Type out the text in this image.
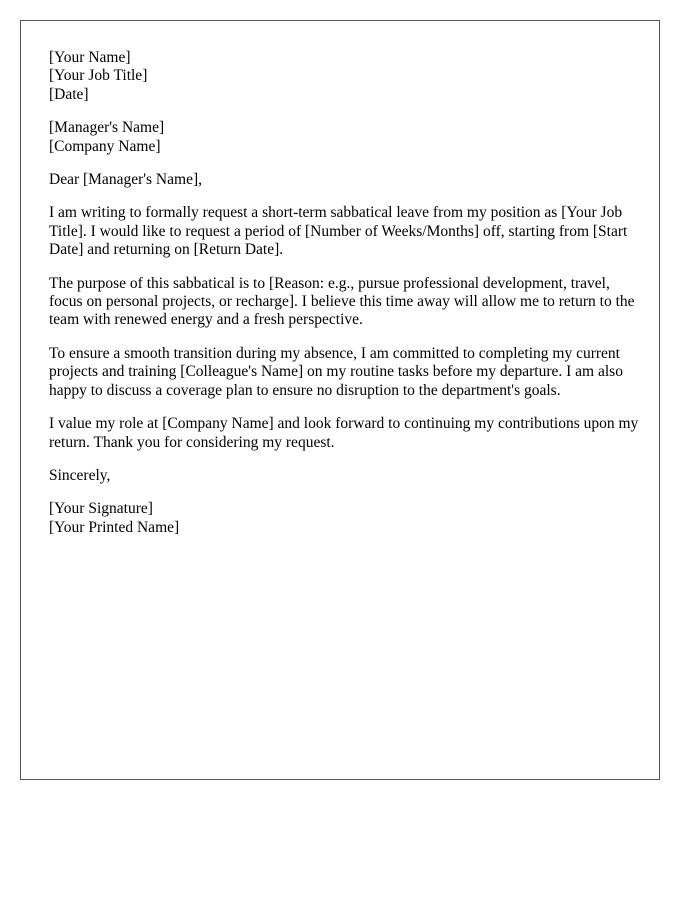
[Your Name]
[Your Job Title]
[Date]
[Manager's Name]
[Company Name]

Dear [Manager's Name],

I am writing to formally request a short-term sabbatical leave from my position as [Your Job Title]. I would like to request a period of [Number of Weeks/Months] off, starting from [Start Date] and returning on [Return Date].

The purpose of this sabbatical is to [Reason: e.g., pursue professional development, travel, focus on personal projects, or recharge]. I believe this time away will allow me to return to the team with renewed energy and a fresh perspective.

To ensure a smooth transition during my absence, I am committed to completing my current projects and training [Colleague's Name] on my routine tasks before my departure. I am also happy to discuss a coverage plan to ensure no disruption to the department's goals.

I value my role at [Company Name] and look forward to continuing my contributions upon my return. Thank you for considering my request.

Sincerely,

[Your Signature]
[Your Printed Name]
